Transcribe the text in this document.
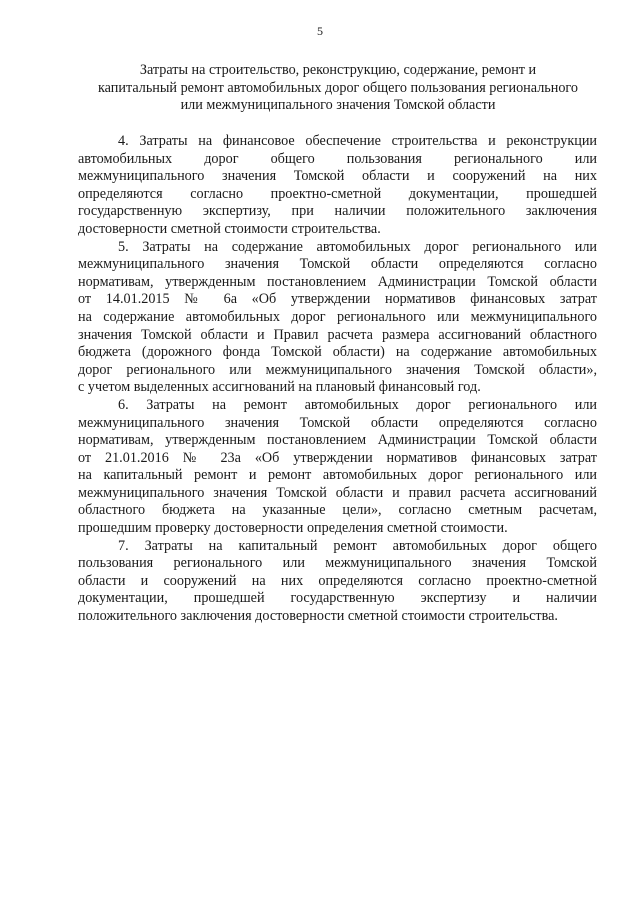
5
Затраты на строительство, реконструкцию, содержание, ремонт и
капитальный ремонт автомобильных дорог общего пользования регионального
или межмуниципального значения Томской области
4. Затраты на финансовое обеспечение строительства и реконструкции
автомобильных дорог общего пользования регионального или
межмуниципального значения Томской области и сооружений на них
определяются согласно проектно-сметной документации, прошедшей
государственную экспертизу, при наличии положительного заключения
достоверности сметной стоимости строительства.
5. Затраты на содержание автомобильных дорог регионального или
межмуниципального значения Томской области определяются согласно
нормативам, утвержденным постановлением Администрации Томской области
от 14.01.2015 № 6а «Об утверждении нормативов финансовых затрат
на содержание автомобильных дорог регионального или межмуниципального
значения Томской области и Правил расчета размера ассигнований областного
бюджета (дорожного фонда Томской области) на содержание автомобильных
дорог регионального или межмуниципального значения Томской области»,
с учетом выделенных ассигнований на плановый финансовый год.
6. Затраты на ремонт автомобильных дорог регионального или
межмуниципального значения Томской области определяются согласно
нормативам, утвержденным постановлением Администрации Томской области
от 21.01.2016 № 23а «Об утверждении нормативов финансовых затрат
на капитальный ремонт и ремонт автомобильных дорог регионального или
межмуниципального значения Томской области и правил расчета ассигнований
областного бюджета на указанные цели», согласно сметным расчетам,
прошедшим проверку достоверности определения сметной стоимости.
7. Затраты на капитальный ремонт автомобильных дорог общего
пользования регионального или межмуниципального значения Томской
области и сооружений на них определяются согласно проектно-сметной
документации, прошедшей государственную экспертизу и наличии
положительного заключения достоверности сметной стоимости строительства.
